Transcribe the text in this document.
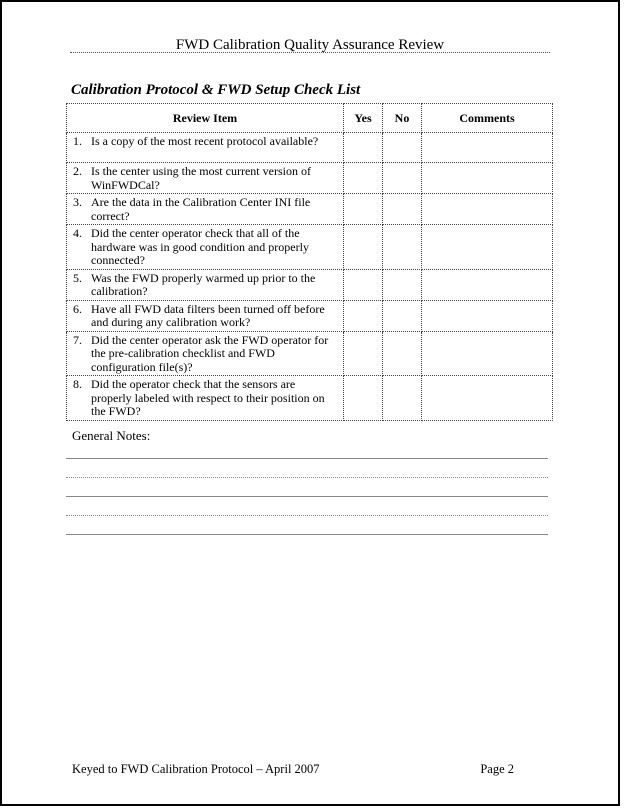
FWD Calibration Quality Assurance Review
Calibration Protocol & FWD Setup Check List
Review Item	Yes	No	Comments

1. Is a copy of the most recent protocol available?			

2. Is the center using the most current version of WinFWDCal?			

3. Are the data in the Calibration Center INI file correct?			

4. Did the center operator check that all of the hardware was in good condition and properly connected?			

5. Was the FWD properly warmed up prior to the calibration?			

6. Have all FWD data filters been turned off before and during any calibration work?			

7. Did the center operator ask the FWD operator for the pre-calibration checklist and FWD configuration file(s)?			

8. Did the operator check that the sensors are properly labeled with respect to their position on the FWD?			

General Notes:
Keyed to FWD Calibration Protocol – April 2007	Page 2
